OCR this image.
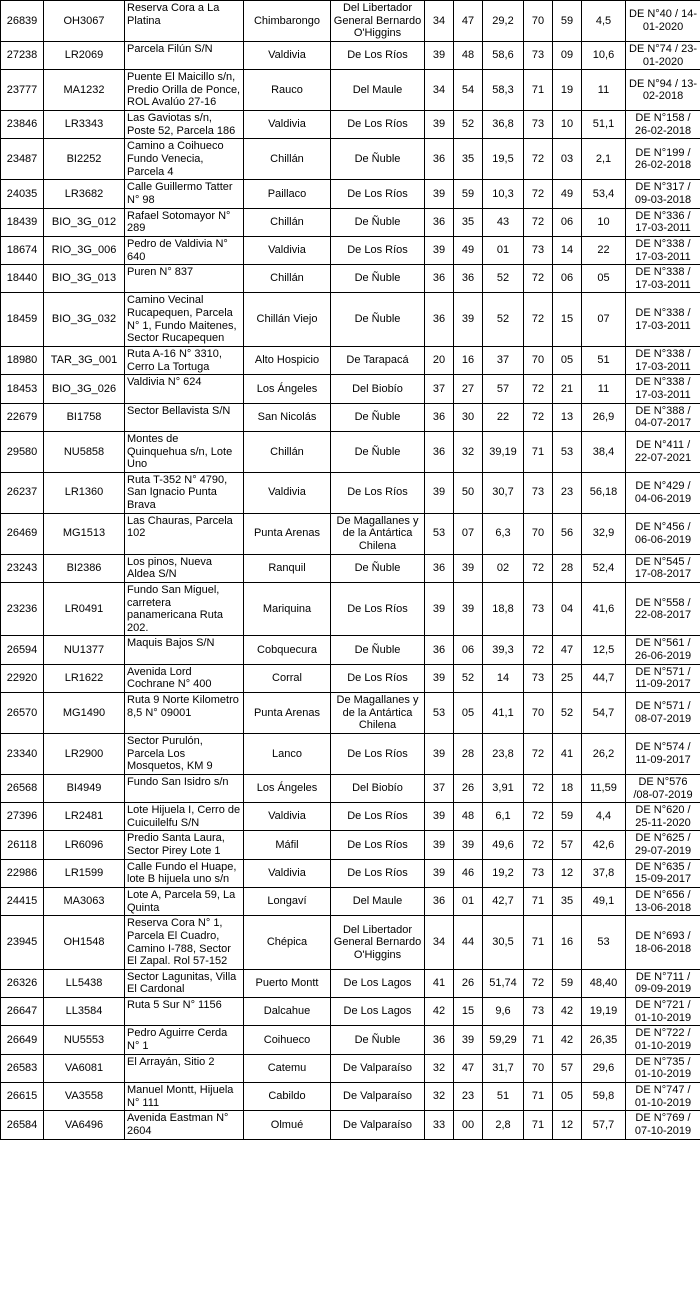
26839	OH3067	Reserva Cora a La Platina	Chimbarongo	Del Libertador General Bernardo O'Higgins	34	47	29,2	70	59	4,5	DE N°40 / 14-01-2020
27238	LR2069	Parcela Filún S/N	Valdivia	De Los Ríos	39	48	58,6	73	09	10,6	DE N°74 / 23-01-2020
23777	MA1232	Puente El Maicillo s/n, Predio Orilla de Ponce, ROL Avalúo 27-16	Rauco	Del Maule	34	54	58,3	71	19	11	DE N°94 / 13-02-2018
23846	LR3343	Las Gaviotas s/n, Poste 52, Parcela 186	Valdivia	De Los Ríos	39	52	36,8	73	10	51,1	DE N°158 / 26-02-2018
23487	BI2252	Camino a Coihueco Fundo Venecia, Parcela 4	Chillán	De Ñuble	36	35	19,5	72	03	2,1	DE N°199 / 26-02-2018
24035	LR3682	Calle Guillermo Tatter N° 98	Paillaco	De Los Ríos	39	59	10,3	72	49	53,4	DE N°317 / 09-03-2018
18439	BIO_3G_012	Rafael Sotomayor N° 289	Chillán	De Ñuble	36	35	43	72	06	10	DE N°336 / 17-03-2011
18674	RIO_3G_006	Pedro de Valdivia N° 640	Valdivia	De Los Ríos	39	49	01	73	14	22	DE N°338 / 17-03-2011
18440	BIO_3G_013	Puren N° 837	Chillán	De Ñuble	36	36	52	72	06	05	DE N°338 / 17-03-2011
18459	BIO_3G_032	Camino Vecinal Rucapequen, Parcela N° 1, Fundo Maitenes, Sector Rucapequen	Chillán Viejo	De Ñuble	36	39	52	72	15	07	DE N°338 / 17-03-2011
18980	TAR_3G_001	Ruta A-16 N° 3310, Cerro La Tortuga	Alto Hospicio	De Tarapacá	20	16	37	70	05	51	DE N°338 / 17-03-2011
18453	BIO_3G_026	Valdivia N° 624	Los Ángeles	Del Biobío	37	27	57	72	21	11	DE N°338 / 17-03-2011
22679	BI1758	Sector Bellavista S/N	San Nicolás	De Ñuble	36	30	22	72	13	26,9	DE N°388 / 04-07-2017
29580	NU5858	Montes de Quinquehua s/n, Lote Uno	Chillán	De Ñuble	36	32	39,19	71	53	38,4	DE N°411 / 22-07-2021
26237	LR1360	Ruta T-352 N° 4790, San Ignacio Punta Brava	Valdivia	De Los Ríos	39	50	30,7	73	23	56,18	DE N°429 / 04-06-2019
26469	MG1513	Las Chauras, Parcela 102	Punta Arenas	De Magallanes y de la Antártica Chilena	53	07	6,3	70	56	32,9	DE N°456 / 06-06-2019
23243	BI2386	Los pinos, Nueva Aldea S/N	Ranquil	De Ñuble	36	39	02	72	28	52,4	DE N°545 / 17-08-2017
23236	LR0491	Fundo San Miguel, carretera panamericana Ruta 202.	Mariquina	De Los Ríos	39	39	18,8	73	04	41,6	DE N°558 / 22-08-2017
26594	NU1377	Maquis Bajos S/N	Cobquecura	De Ñuble	36	06	39,3	72	47	12,5	DE N°561 / 26-06-2019
22920	LR1622	Avenida Lord Cochrane N° 400	Corral	De Los Ríos	39	52	14	73	25	44,7	DE N°571 / 11-09-2017
26570	MG1490	Ruta 9 Norte Kilometro 8,5 N° 09001	Punta Arenas	De Magallanes y de la Antártica Chilena	53	05	41,1	70	52	54,7	DE N°571 / 08-07-2019
23340	LR2900	Sector Purulón, Parcela Los Mosquetos, KM 9	Lanco	De Los Ríos	39	28	23,8	72	41	26,2	DE N°574 / 11-09-2017
26568	BI4949	Fundo San Isidro s/n	Los Ángeles	Del Biobío	37	26	3,91	72	18	11,59	DE N°576 /08-07-2019
27396	LR2481	Lote Hijuela I, Cerro de Cuicuilelfu S/N	Valdivia	De Los Ríos	39	48	6,1	72	59	4,4	DE N°620 / 25-11-2020
26118	LR6096	Predio Santa Laura, Sector Pirey Lote 1	Máfil	De Los Ríos	39	39	49,6	72	57	42,6	DE N°625 / 29-07-2019
22986	LR1599	Calle Fundo el Huape, lote B hijuela uno s/n	Valdivia	De Los Ríos	39	46	19,2	73	12	37,8	DE N°635 / 15-09-2017
24415	MA3063	Lote A, Parcela 59, La Quinta	Longaví	Del Maule	36	01	42,7	71	35	49,1	DE N°656 / 13-06-2018
23945	OH1548	Reserva Cora N° 1, Parcela El Cuadro, Camino I-788, Sector El Zapal. Rol 57-152	Chépica	Del Libertador General Bernardo O'Higgins	34	44	30,5	71	16	53	DE N°693 / 18-06-2018
26326	LL5438	Sector Lagunitas, Villa El Cardonal	Puerto Montt	De Los Lagos	41	26	51,74	72	59	48,40	DE N°711 / 09-09-2019
26647	LL3584	Ruta 5 Sur N° 1156	Dalcahue	De Los Lagos	42	15	9,6	73	42	19,19	DE N°721 / 01-10-2019
26649	NU5553	Pedro Aguirre Cerda N° 1	Coihueco	De Ñuble	36	39	59,29	71	42	26,35	DE N°722 / 01-10-2019
26583	VA6081	El Arrayán, Sitio 2	Catemu	De Valparaíso	32	47	31,7	70	57	29,6	DE N°735 / 01-10-2019
26615	VA3558	Manuel Montt, Hijuela N° 111	Cabildo	De Valparaíso	32	23	51	71	05	59,8	DE N°747 / 01-10-2019
26584	VA6496	Avenida Eastman N° 2604	Olmué	De Valparaíso	33	00	2,8	71	12	57,7	DE N°769 / 07-10-2019
